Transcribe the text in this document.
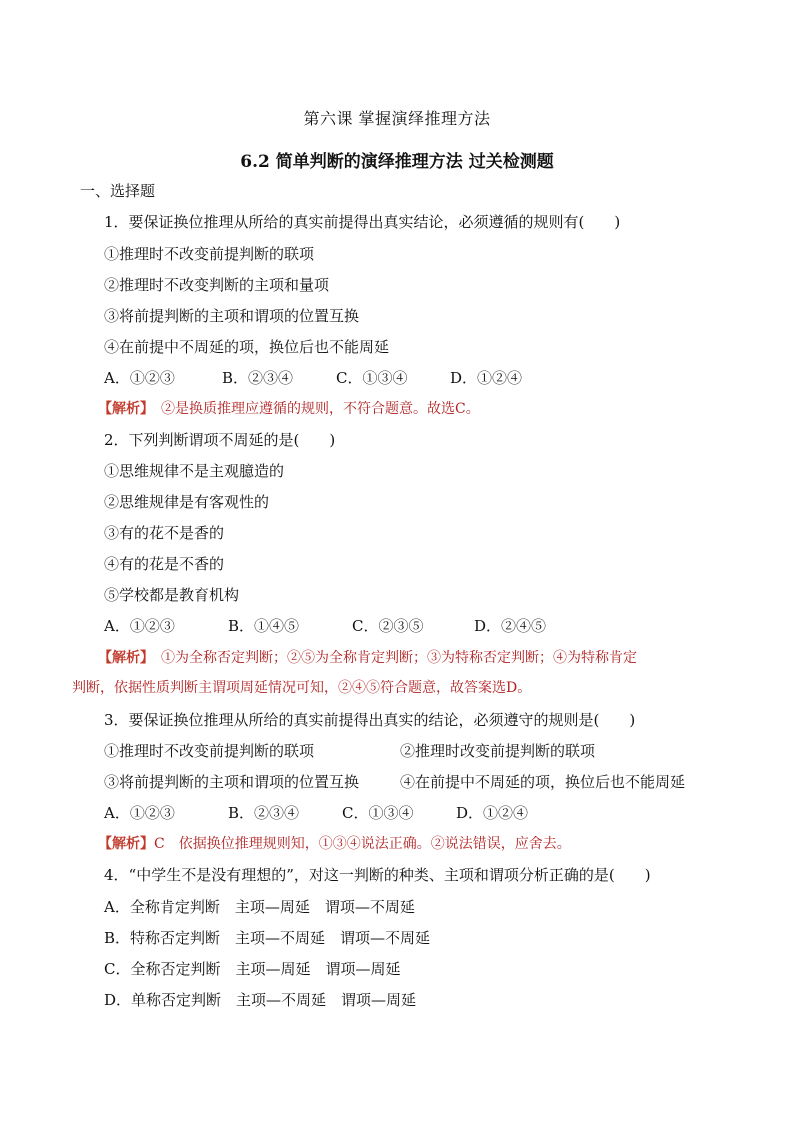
第六课 掌握演绎推理方法
6.2 简单判断的演绎推理方法 过关检测题
一、选择题
1．要保证换位推理从所给的真实前提得出真实结论，必须遵循的规则有(　　)
①推理时不改变前提判断的联项
②推理时不改变判断的主项和量项
③将前提判断的主项和谓项的位置互换
④在前提中不周延的项，换位后也不能周延
A．①②③	B．②③④	C．①③④	D．①②④
【解析】　 ②是换质推理应遵循的规则，不符合题意。故选C。
2．下列判断谓项不周延的是(　　)
①思维规律不是主观臆造的
②思维规律是有客观性的
③有的花不是香的
④有的花是不香的
⑤学校都是教育机构
A．①②③	B．①④⑤	C．②③⑤	D．②④⑤
【解析】　 ①为全称否定判断；②⑤为全称肯定判断；③为特称否定判断；④为特称肯定
判断，依据性质判断主谓项周延情况可知，②④⑤符合题意，故答案选D。
3．要保证换位推理从所给的真实前提得出真实的结论，必须遵守的规则是(　　)
①推理时不改变前提判断的联项	②推理时改变前提判断的联项
③将前提判断的主项和谓项的位置互换	④在前提中不周延的项，换位后也不能周延
A．①②③	B．②③④	C．①③④	D．①②④
【解析】C　依据换位推理规则知，①③④说法正确。②说法错误，应舍去。
4．“中学生不是没有理想的”，对这一判断的种类、主项和谓项分析正确的是(　　)
A．全称肯定判断　主项—周延　谓项—不周延
B．特称否定判断　主项—不周延　谓项—不周延
C．全称否定判断　主项—周延　谓项—周延
D．单称否定判断　主项—不周延　谓项—周延
